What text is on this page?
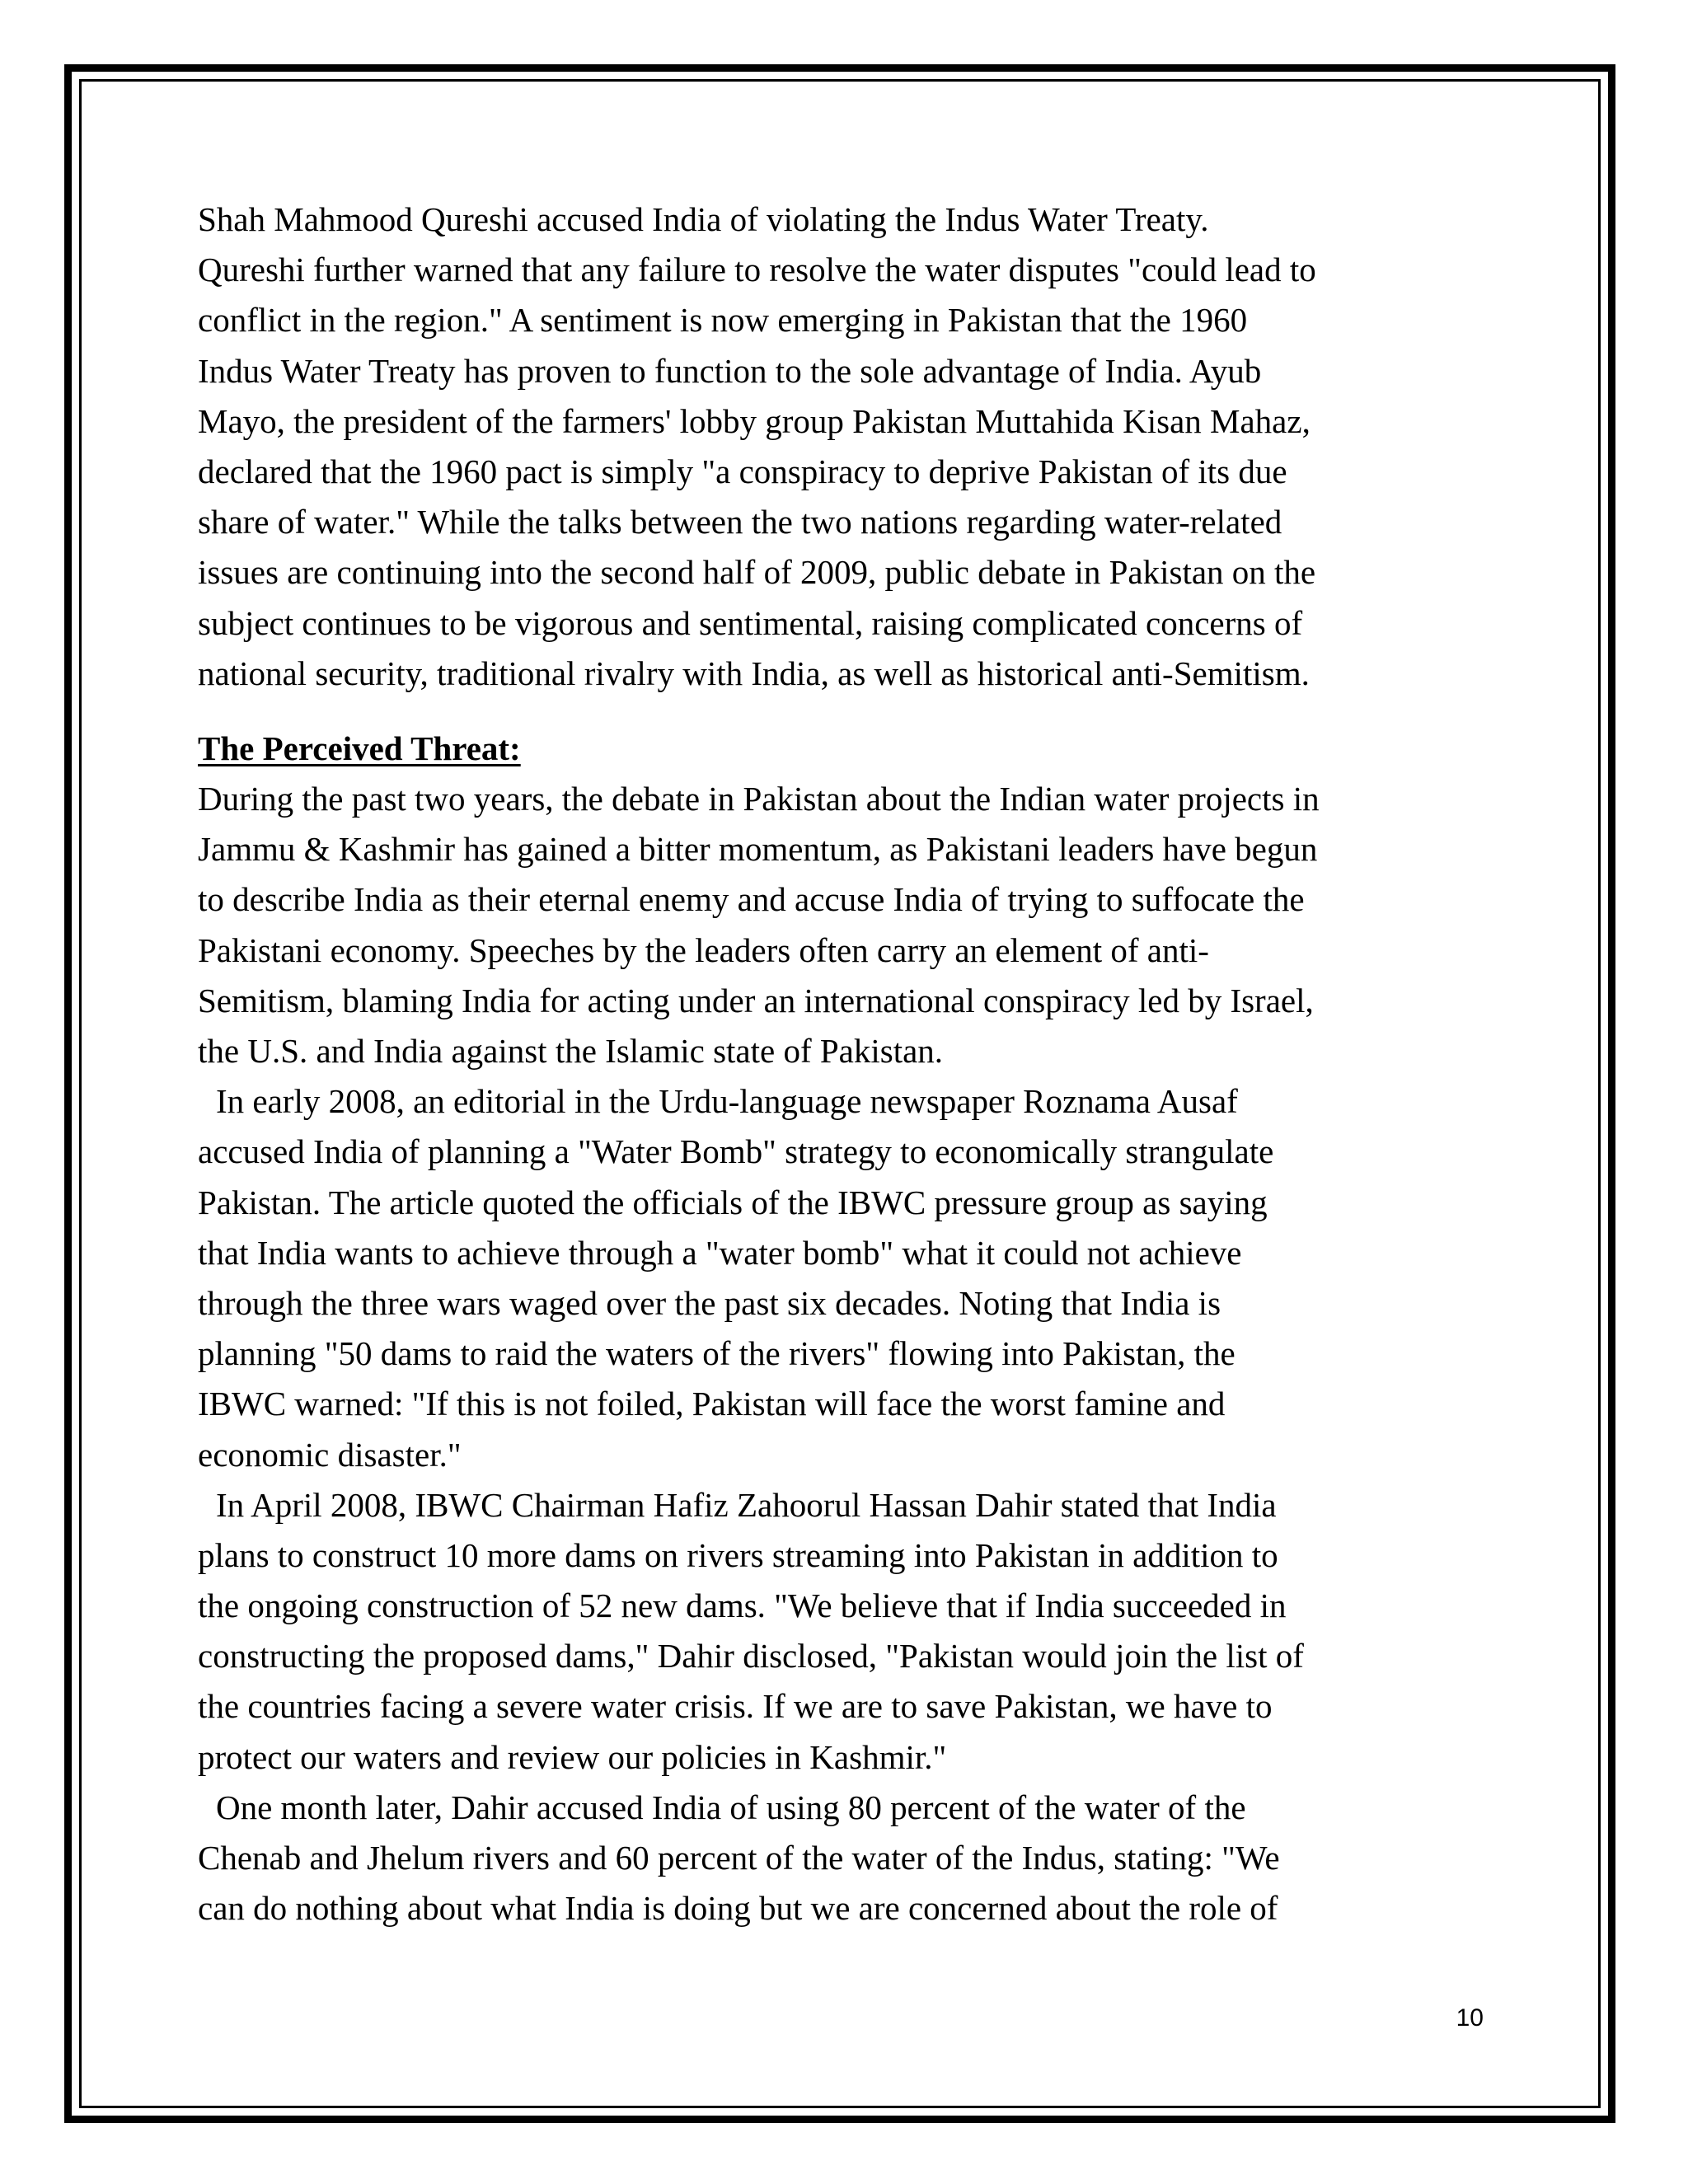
Shah Mahmood Qureshi accused India of violating the Indus Water Treaty.
Qureshi further warned that any failure to resolve the water disputes "could lead to
conflict in the region." A sentiment is now emerging in Pakistan that the 1960
Indus Water Treaty has proven to function to the sole advantage of India. Ayub
Mayo, the president of the farmers' lobby group Pakistan Muttahida Kisan Mahaz,
declared that the 1960 pact is simply "a conspiracy to deprive Pakistan of its due
share of water." While the talks between the two nations regarding water-related
issues are continuing into the second half of 2009, public debate in Pakistan on the
subject continues to be vigorous and sentimental, raising complicated concerns of
national security, traditional rivalry with India, as well as historical anti-Semitism.
The Perceived Threat:
During the past two years, the debate in Pakistan about the Indian water projects in
Jammu & Kashmir has gained a bitter momentum, as Pakistani leaders have begun
to describe India as their eternal enemy and accuse India of trying to suffocate the
Pakistani economy. Speeches by the leaders often carry an element of anti-
Semitism, blaming India for acting under an international conspiracy led by Israel,
the U.S. and India against the Islamic state of Pakistan.
In early 2008, an editorial in the Urdu-language newspaper Roznama Ausaf
accused India of planning a "Water Bomb" strategy to economically strangulate
Pakistan. The article quoted the officials of the IBWC pressure group as saying
that India wants to achieve through a "water bomb" what it could not achieve
through the three wars waged over the past six decades. Noting that India is
planning "50 dams to raid the waters of the rivers" flowing into Pakistan, the
IBWC warned: "If this is not foiled, Pakistan will face the worst famine and
economic disaster."
In April 2008, IBWC Chairman Hafiz Zahoorul Hassan Dahir stated that India
plans to construct 10 more dams on rivers streaming into Pakistan in addition to
the ongoing construction of 52 new dams. "We believe that if India succeeded in
constructing the proposed dams," Dahir disclosed, "Pakistan would join the list of
the countries facing a severe water crisis. If we are to save Pakistan, we have to
protect our waters and review our policies in Kashmir."
One month later, Dahir accused India of using 80 percent of the water of the
Chenab and Jhelum rivers and 60 percent of the water of the Indus, stating: "We
can do nothing about what India is doing but we are concerned about the role of
10
